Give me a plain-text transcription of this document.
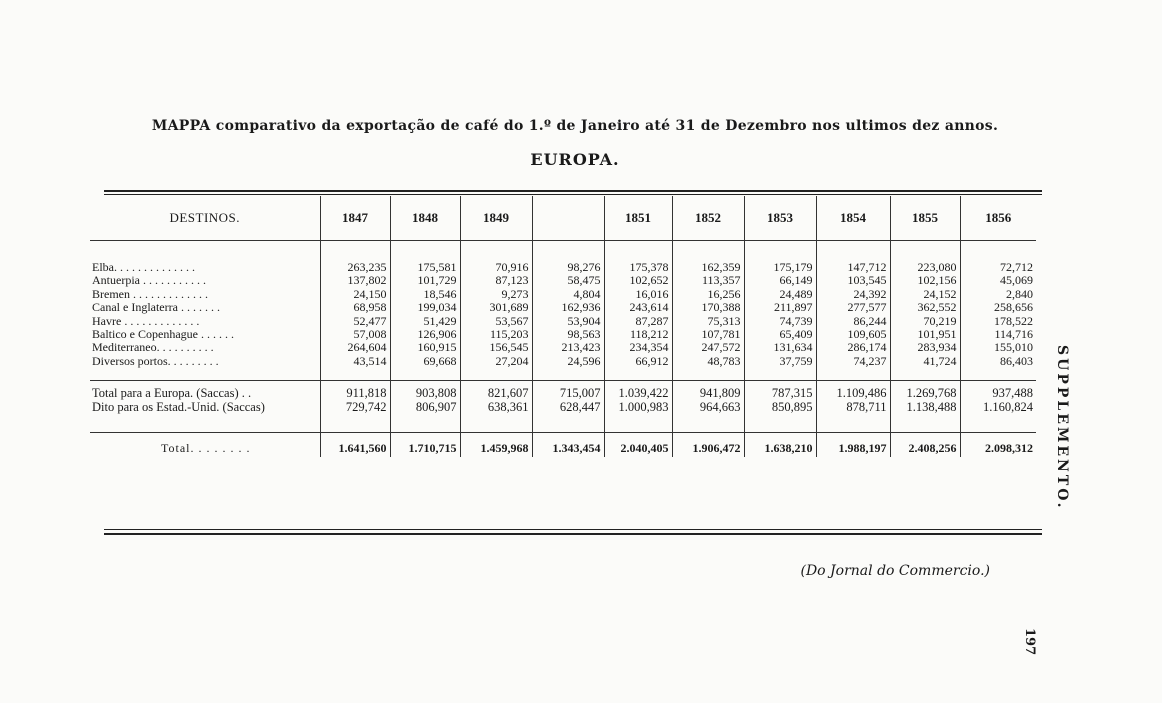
MAPPA comparativo da exportação de café do 1.º de Janeiro até 31 de Dezembro nos ultimos dez annos.
EUROPA.
DESTINOS.	1847	1848	1849		1851	1852	1853	1854	1855	1856

Elba. . . . . . . . . . . . . .	263,235	175,581	70,916	98,276	175,378	162,359	175,179	147,712	223,080	72,712
Antuerpia . . . . . . . . . . .	137,802	101,729	87,123	58,475	102,652	113,357	66,149	103,545	102,156	45,069
Bremen . . . . . . . . . . . . .	24,150	18,546	9,273	4,804	16,016	16,256	24,489	24,392	24,152	2,840
Canal e Inglaterra . . . . . . .	68,958	199,034	301,689	162,936	243,614	170,388	211,897	277,577	362,552	258,656
Havre . . . . . . . . . . . . .	52,477	51,429	53,567	53,904	87,287	75,313	74,739	86,244	70,219	178,522
Baltico e Copenhague . . . . . .	57,008	126,906	115,203	98,563	118,212	107,781	65,409	109,605	101,951	114,716
Mediterraneo. . . . . . . . . .	264,604	160,915	156,545	213,423	234,354	247,572	131,634	286,174	283,934	155,010
Diversos portos. . . . . . . . .	43,514	69,668	27,204	24,596	66,912	48,783	37,759	74,237	41,724	86,403

Total para a Europa. (Saccas) . .	911,818	903,808	821,607	715,007	1.039,422	941,809	787,315	1.109,486	1.269,768	937,488
Dito para os Estad.-Unid. (Saccas)	729,742	806,907	638,361	628,447	1.000,983	964,663	850,895	878,711	1.138,488	1.160,824

Total. . . . . . . .	1.641,560	1.710,715	1.459,968	1.343,454	2.040,405	1.906,472	1.638,210	1.988,197	2.408,256	2.098,312 SUPPLEMENTO.
(Do Jornal do Commercio.)
197
